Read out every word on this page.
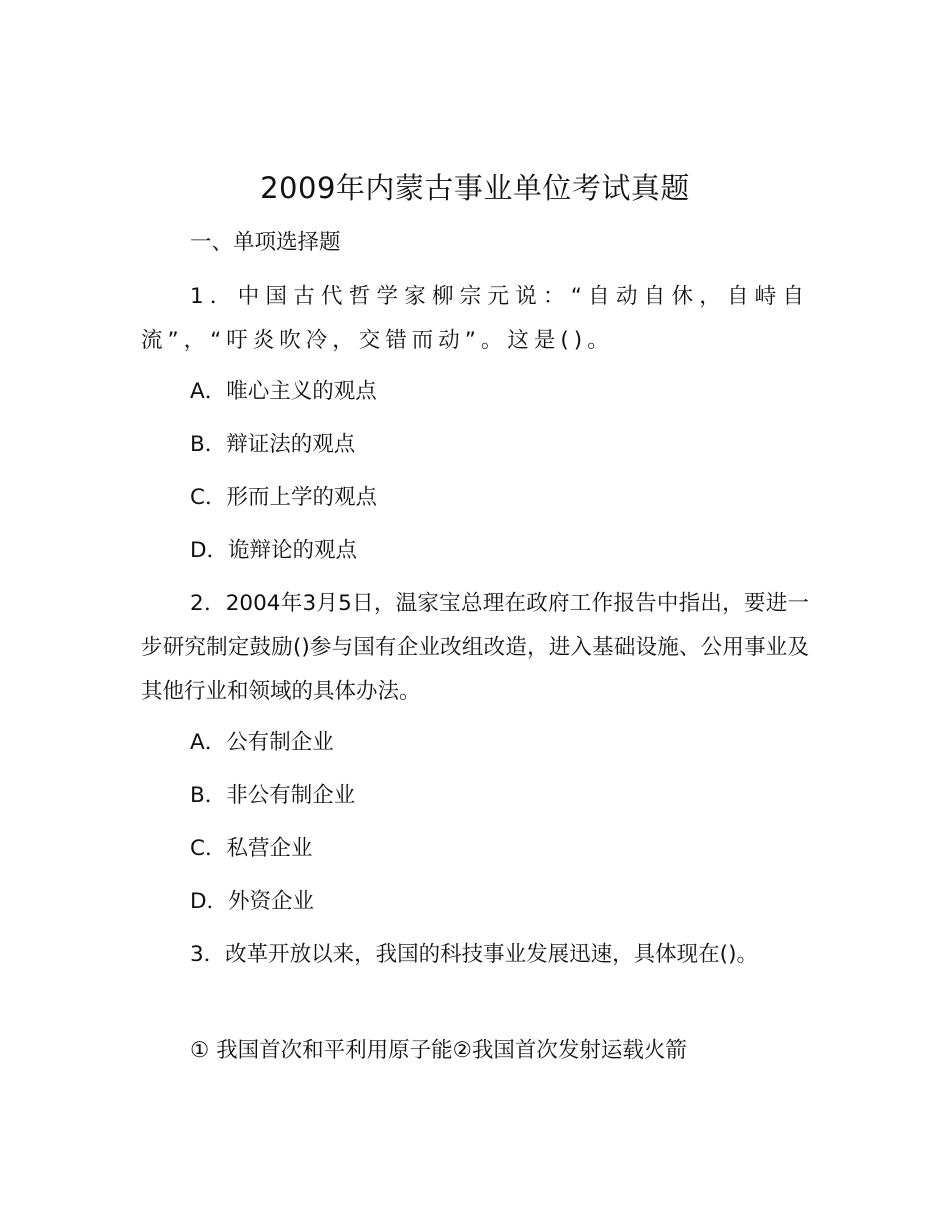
2009年内蒙古事业单位考试真题
一、单项选择题
1．中国古代哲学家柳宗元说：“自动自休，自峙自流”，“吁炎吹冷，交错而动”。这是()。
A．唯心主义的观点
B．辩证法的观点
C．形而上学的观点
D．诡辩论的观点
2．2004年3月5日，温家宝总理在政府工作报告中指出，要进一步研究制定鼓励()参与国有企业改组改造，进入基础设施、公用事业及其他行业和领域的具体办法。
A．公有制企业
B．非公有制企业
C．私营企业
D．外资企业
3．改革开放以来，我国的科技事业发展迅速，具体现在()。
① 我国首次和平利用原子能②我国首次发射运载火箭
